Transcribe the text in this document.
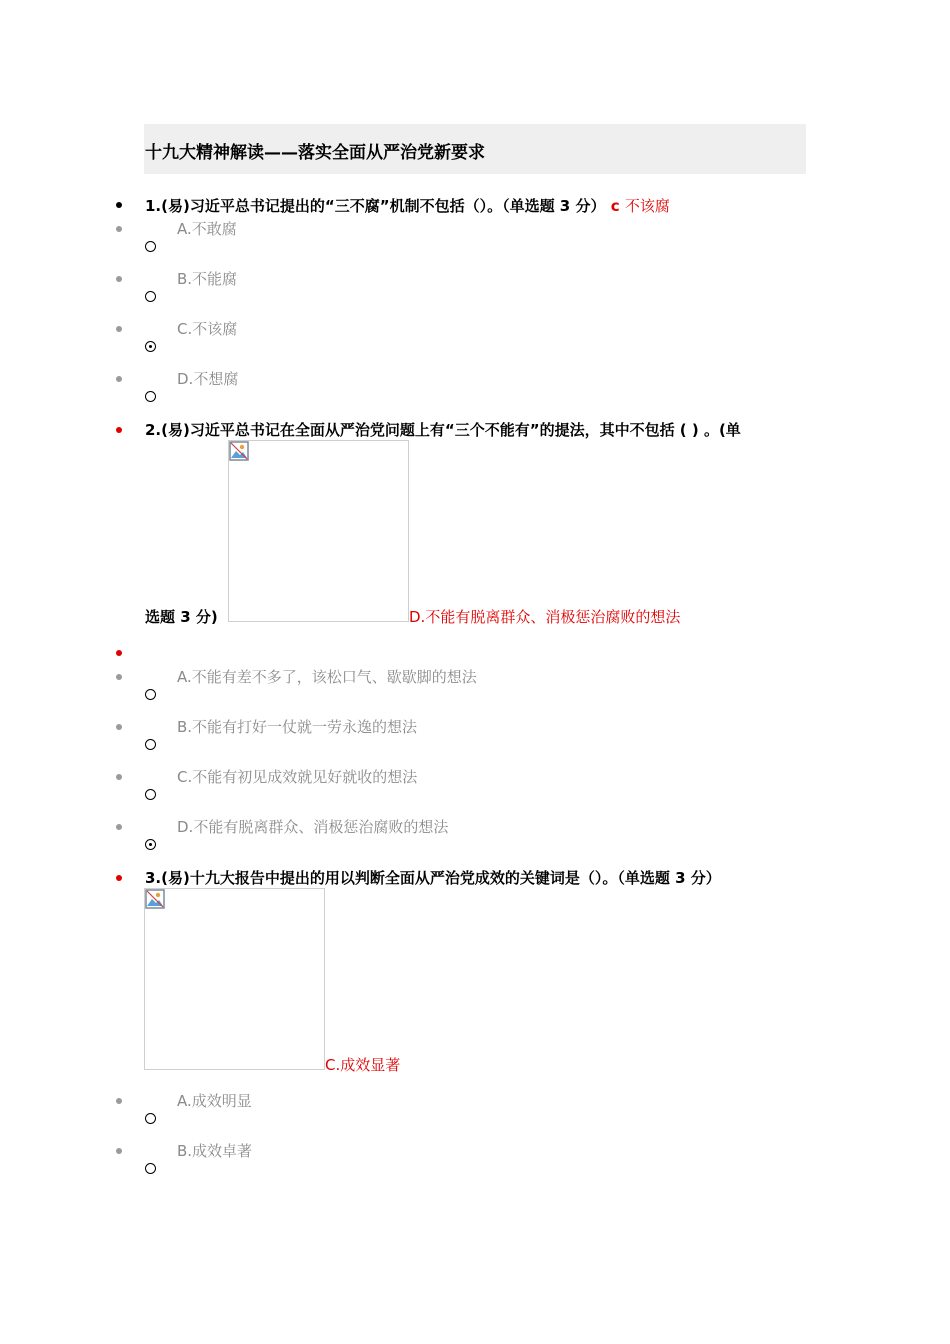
十九大精神解读——落实全面从严治党新要求
1.(易)习近平总书记提出的“三不腐”机制不包括（）。（单选题 3 分） c 不该腐
A.不敢腐
B.不能腐
C.不该腐
D.不想腐
2.(易)习近平总书记在全面从严治党问题上有“三个不能有”的提法，其中不包括 ( ) 。(单
选题 3 分)	D.不能有脱离群众、消极惩治腐败的想法
A.不能有差不多了，该松口气、歇歇脚的想法
B.不能有打好一仗就一劳永逸的想法
C.不能有初见成效就见好就收的想法
D.不能有脱离群众、消极惩治腐败的想法
3.(易)十九大报告中提出的用以判断全面从严治党成效的关键词是（）。（单选题 3 分）
C.成效显著
A.成效明显
B.成效卓著
